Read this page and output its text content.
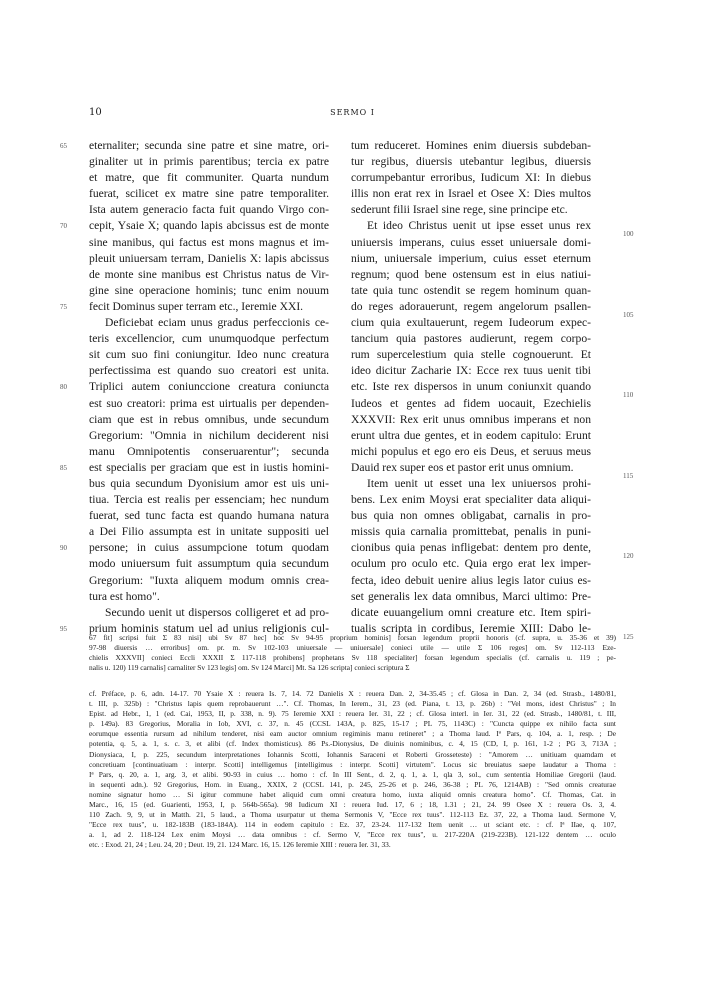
10	SERMO I
65
70
75
80
85
90
95
100
105
110
115
120
125
eternaliter; secunda sine patre et sine matre, ori-
ginaliter ut in primis parentibus; tercia ex patre
et matre, que fit communiter. Quarta nundum
fuerat, scilicet ex matre sine patre temporaliter.
Ista autem generacio facta fuit quando Virgo con-
cepit, Ysaie X; quando lapis abcissus est de monte
sine manibus, qui factus est mons magnus et im-
pleuit uniuersam terram, Danielis X: lapis abcissus
de monte sine manibus est Christus natus de Vir-
gine sine operacione hominis; tunc enim nouum
fecit Dominus super terram etc., Ieremie XXI.
Deficiebat eciam unus gradus perfeccionis ce-
teris excellencior, cum unumquodque perfectum
sit cum suo fini coniungitur. Ideo nunc creatura
perfectissima est quando suo creatori est unita.
Triplici autem coniunccione creatura coniuncta
est suo creatori: prima est uirtualis per dependen-
ciam que est in rebus omnibus, unde secundum
Gregorium: "Omnia in nichilum deciderent nisi
manu Omnipotentis conseruarentur"; secunda
est specialis per graciam que est in iustis homini-
bus quia secundum Dyonisium amor est uis uni-
tiua. Tercia est realis per essenciam; hec nundum
fuerat, sed tunc facta est quando humana natura
a Dei Filio assumpta est in unitate suppositi uel
persone; in cuius assumpcione totum quodam
modo uniuersum fuit assumptum quia secundum
Gregorium: "Iuxta aliquem modum omnis crea-
tura est homo".
Secundo uenit ut dispersos colligeret et ad pro-
prium hominis statum uel ad unius religionis cul-
tum reduceret. Homines enim diuersis subdeban-
tur regibus, diuersis utebantur legibus, diuersis
corrumpebantur erroribus, Iudicum XI: In diebus
illis non erat rex in Israel et Osee X: Dies multos
sederunt filii Israel sine rege, sine principe etc.
Et ideo Christus uenit ut ipse esset unus rex
uniuersis imperans, cuius esset uniuersale domi-
nium, uniuersale imperium, cuius esset eternum
regnum; quod bene ostensum est in eius natiui-
tate quia tunc ostendit se regem hominum quan-
do reges adorauerunt, regem angelorum psallen-
cium quia exultauerunt, regem Iudeorum expec-
tancium quia pastores audierunt, regem corpo-
rum supercelestium quia stelle cognouerunt. Et
ideo dicitur Zacharie IX: Ecce rex tuus uenit tibi
etc. Iste rex dispersos in unum coniunxit quando
Iudeos et gentes ad fidem uocauit, Ezechielis
XXXVII: Rex erit unus omnibus imperans et non
erunt ultra due gentes, et in eodem capitulo: Erunt
michi populus et ego ero eis Deus, et seruus meus
Dauid rex super eos et pastor erit unus omnium.
Item uenit ut esset una lex uniuersos prohi-
bens. Lex enim Moysi erat specialiter data aliqui-
bus quia non omnes obligabat, carnalis in pro-
missis quia carnalia promittebat, penalis in puni-
cionibus quia penas infligebat: dentem pro dente,
oculum pro oculo etc. Quia ergo erat lex imper-
fecta, ideo debuit uenire alius legis lator cuius es-
set generalis lex data omnibus, Marci ultimo: Pre-
dicate euuangelium omni creature etc. Item spiri-
tualis scripta in cordibus, Ieremie XIII: Dabo le-
67 fit] scripsi fuit Σ 83 nisi] ubi Sv 87 hec] hoc Sv 94-95 proprium hominis] forsan legendum proprii honoris (cf. supra, u. 35-36 et 39)
97-98 diuersis … erroribus] om. pr. m. Sv 102-103 uniuersale — uniuersale] conieci utile — utile Σ 106 reges] om. Sv 112-113 Eze-
chielis XXXVII] conieci Eccli XXXII Σ 117-118 prohibens] prophetans Sv 118 specialiter] forsan legendum specialis (cf. carnalis u. 119 ; pe-
nalis u. 120) 119 carnalis] carnaliter Sv 123 legis] om. Sv 124 Marci] Mt. Sa 126 scripta] conieci scriptura Σ
cf. Préface, p. 6, adn. 14-17. 70 Ysaie X : reuera Is. 7, 14. 72 Danielis X : reuera Dan. 2, 34-35.45 ; cf. Glosa in Dan. 2, 34 (ed. Strasb., 1480/81,
t. III, p. 325b) : "Christus lapis quem reprobauerunt …". Cf. Thomas, In Ierem., 31, 23 (ed. Piana, t. 13, p. 26b) : "Vel mons, idest Christus" ; In
Epist. ad Hebr., 1, 1 (ed. Cai, 1953, II, p. 338, n. 9). 75 Ieremie XXI : reuera Ier. 31, 22 ; cf. Glosa interl. in Ier. 31, 22 (ed. Strasb., 1480/81, t. III,
p. 149a). 83 Gregorius, Moralia in Iob, XVI, c. 37, n. 45 (CCSL 143A, p. 825, 15-17 ; PL 75, 1143C) : "Cuncta quippe ex nihilo facta sunt
eorumque essentia rursum ad nihilum tenderet, nisi eam auctor omnium regiminis manu retineret" ; a Thoma laud. Iª Pars, q. 104, a. 1, resp. ; De
potentia, q. 5, a. 1, s. c. 3, et alibi (cf. Index thomisticus). 86 Ps.-Dionysius, De diuinis nominibus, c. 4, 15 (CD, I, p. 161, 1-2 ; PG 3, 713A ;
Dionysiaca, I, p. 225, secundum interpretationes Iohannis Scotti, Iohannis Saraceni et Roberti Grosseteste) : "Amorem … unitiuam quamdam et
concretiuam [continuatiuam : interpr. Scotti] intelligemus [intelligimus : interpr. Scotti] virtutem". Locus sic breuiatus saepe laudatur a Thoma :
Iª Pars, q. 20, a. 1, arg. 3, et alibi. 90-93 in cuius … homo : cf. In III Sent., d. 2, q. 1, a. 1, qla 3, sol., cum sententia Homiliae Gregorii (laud.
in sequenti adn.). 92 Gregorius, Hom. in Euang., XXIX, 2 (CCSL 141, p. 245, 25-26 et p. 246, 36-38 ; PL 76, 1214AB) : "Sed omnis creaturae
nomine signatur homo … Si igitur commune habet aliquid cum omni creatura homo, iuxta aliquid omnis creatura homo". Cf. Thomas, Cat. in
Marc., 16, 15 (ed. Guarienti, 1953, I, p. 564b-565a). 98 Iudicum XI : reuera Iud. 17, 6 ; 18, 1.31 ; 21, 24. 99 Osee X : reuera Os. 3, 4.
110 Zach. 9, 9, ut in Matth. 21, 5 laud., a Thoma usurpatur ut thema Sermonis V, "Ecce rex tuus". 112-113 Ez. 37, 22, a Thoma laud. Sermone V,
"Ecce rex tuus", u. 182-183B (183-184A). 114 in eodem capitulo : Ez. 37, 23-24. 117-132 Item uenit … ut sciant etc. : cf. Iª IIae, q. 107,
a. 1, ad 2. 118-124 Lex enim Moysi … data omnibus : cf. Sermo V, "Ecce rex tuus", u. 217-220A (219-223B). 121-122 dentem … oculo
etc. : Exod. 21, 24 ; Leu. 24, 20 ; Deut. 19, 21. 124 Marc. 16, 15. 126 Ieremie XIII : reuera Ier. 31, 33.
